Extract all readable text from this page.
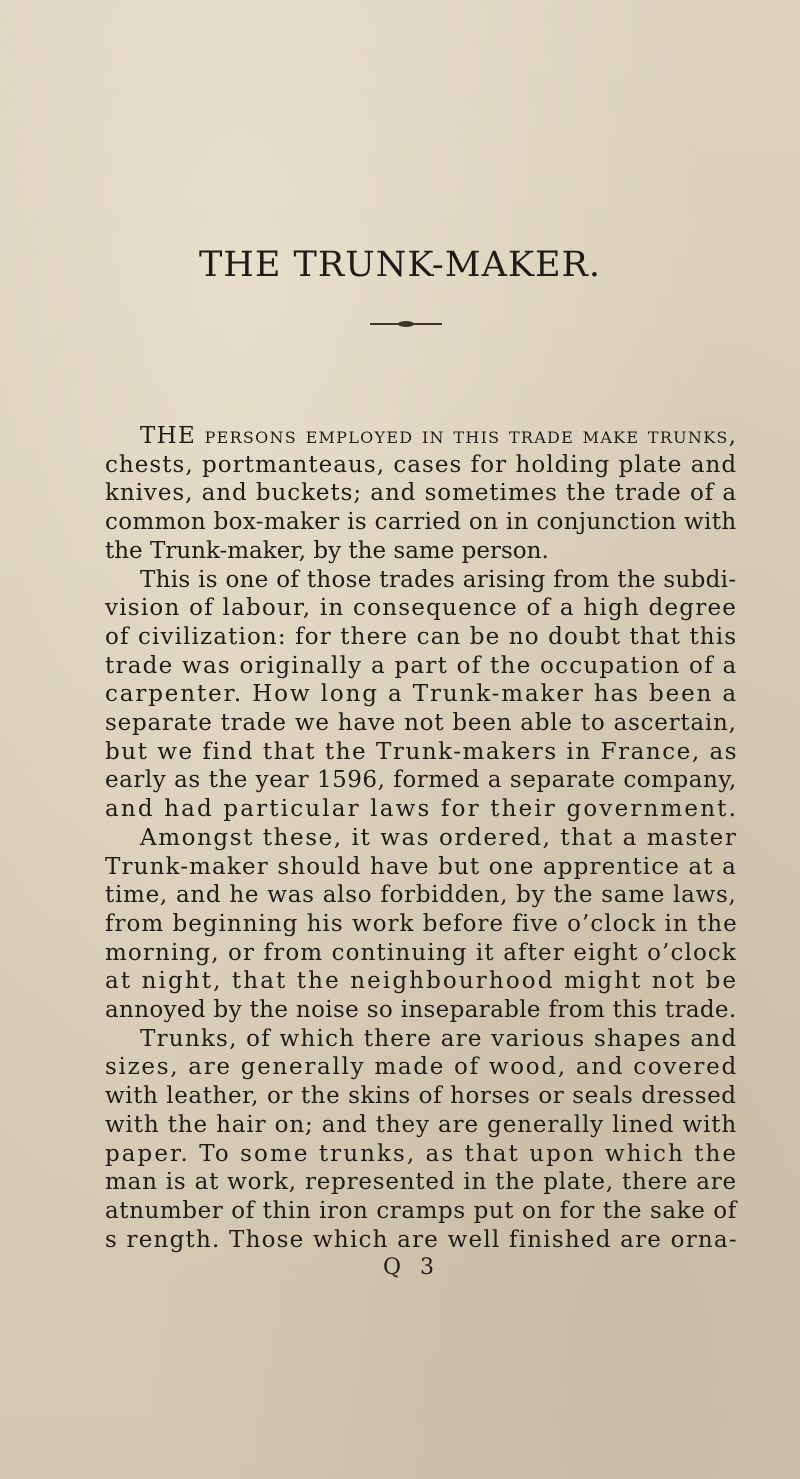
THE TRUNK-MAKER.
THE persons employed in this trade make trunks,
chests, portmanteaus, cases for holding plate and
knives, and buckets; and sometimes the trade of a
common box-maker is carried on in conjunction with
the Trunk-maker, by the same person.
This is one of those trades arising from the subdi-
vision of labour, in consequence of a high degree
of civilization: for there can be no doubt that this
trade was originally a part of the occupation of a
carpenter. How long a Trunk-maker has been a
separate trade we have not been able to ascertain,
but we find that the Trunk-makers in France, as
early as the year 1596, formed a separate company,
and had particular laws for their government.
Amongst these, it was ordered, that a master
Trunk-maker should have but one apprentice at a
time, and he was also forbidden, by the same laws,
from beginning his work before five o’clock in the
morning, or from continuing it after eight o’clock
at night, that the neighbourhood might not be
annoyed by the noise so inseparable from this trade.
Trunks, of which there are various shapes and
sizes, are generally made of wood, and covered
with leather, or the skins of horses or seals dressed
with the hair on; and they are generally lined with
paper. To some trunks, as that upon which the
man is at work, represented in the plate, there are
atnumber of thin iron cramps put on for the sake of
s rength. Those which are well finished are orna-
Q 3
